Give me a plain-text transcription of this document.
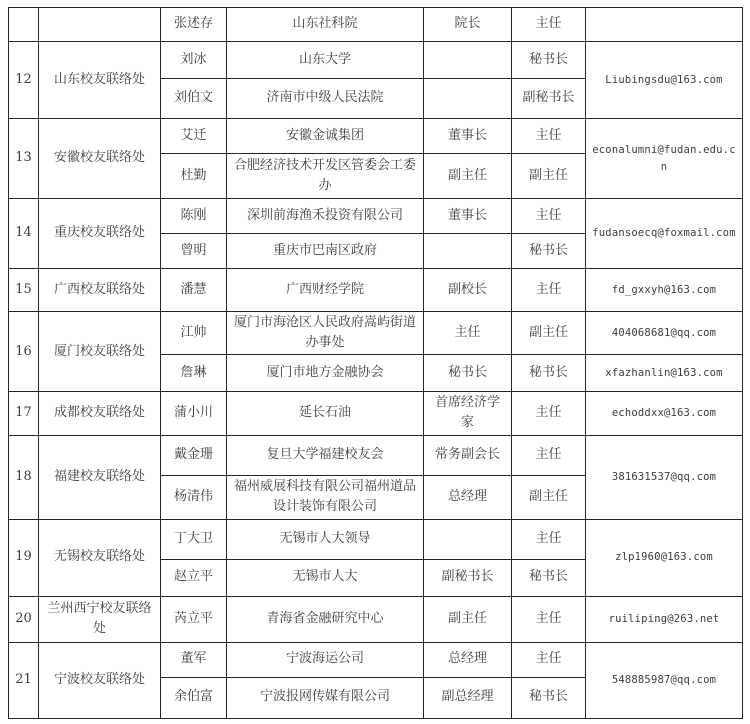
		张述存	山东社科院	院长	主任	
12	山东校友联络处	刘冰	山东大学		秘书长	Liubingsdu@163.com
		刘伯文	济南市中级人民法院		副秘书长	
13	安徽校友联络处	艾迁	安徽金诚集团	董事长	主任	econalumni@fudan.edu.cn
		杜勤	合肥经济技术开发区管委会工委办	副主任	副主任	
14	重庆校友联络处	陈刚	深圳前海渔禾投资有限公司	董事长	主任	fudansoecq@foxmail.com
		曾明	重庆市巴南区政府		秘书长	
15	广西校友联络处	潘慧	广西财经学院	副校长	主任	fd_gxxyh@163.com
16	厦门校友联络处	江帅	厦门市海沧区人民政府嵩屿街道办事处	主任	副主任	404068681@qq.com
		詹琳	厦门市地方金融协会	秘书长	秘书长	xfazhanlin@163.com
17	成都校友联络处	蒲小川	延长石油	首席经济学家	主任	echoddxx@163.com
18	福建校友联络处	戴金珊	复旦大学福建校友会	常务副会长	主任	381631537@qq.com
		杨清伟	福州威展科技有限公司福州道品设计装饰有限公司	总经理	副主任	
19	无锡校友联络处	丁大卫	无锡市人大领导		主任	zlp1960@163.com
		赵立平	无锡市人大	副秘书长	秘书长	
20	兰州西宁校友联络处	芮立平	青海省金融研究中心	副主任	主任	ruiliping@263.net
21	宁波校友联络处	董军	宁波海运公司	总经理	主任	548885987@qq.com
		余伯富	宁波报网传媒有限公司	副总经理	秘书长	
